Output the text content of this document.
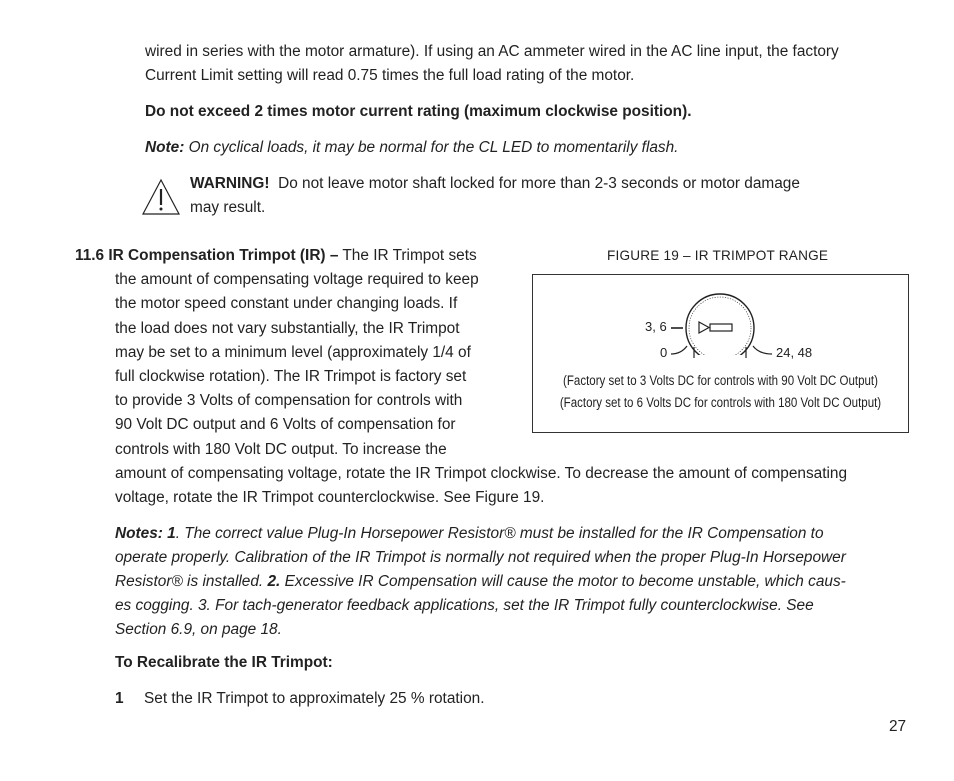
wired in series with the motor armature). If using an AC ammeter wired in the AC line input, the factory
Current Limit setting will read 0.75 times the full load rating of the motor.
Do not exceed 2 times motor current rating (maximum clockwise position).
Note: On cyclical loads, it may be normal for the CL LED to momentarily flash.
WARNING! Do not leave motor shaft locked for more than 2-3 seconds or motor damage
may result.
11.6 IR Compensation Trimpot (IR) – The IR Trimpot sets
the amount of compensating voltage required to keep
the motor speed constant under changing loads. If
the load does not vary substantially, the IR Trimpot
may be set to a minimum level (approximately 1/4 of
full clockwise rotation). The IR Trimpot is factory set
to provide 3 Volts of compensation for controls with
90 Volt DC output and 6 Volts of compensation for
controls with 180 Volt DC output. To increase the
amount of compensating voltage, rotate the IR Trimpot clockwise. To decrease the amount of compensating
voltage, rotate the IR Trimpot counterclockwise. See Figure 19.
FIGURE 19 – IR TRIMPOT RANGE
3, 6
0	24, 48
(Factory set to 3 Volts DC for controls with 90 Volt DC Output)
(Factory set to 6 Volts DC for controls with 180 Volt DC Output)
Notes: 1. The correct value Plug-In Horsepower Resistor® must be installed for the IR Compensation to
operate properly. Calibration of the IR Trimpot is normally not required when the proper Plug-In Horsepower
Resistor® is installed. 2. Excessive IR Compensation will cause the motor to become unstable, which caus-
es cogging. 3. For tach-generator feedback applications, set the IR Trimpot fully counterclockwise. See
Section 6.9, on page 18.
To Recalibrate the IR Trimpot:
1 Set the IR Trimpot to approximately 25 % rotation.
27
